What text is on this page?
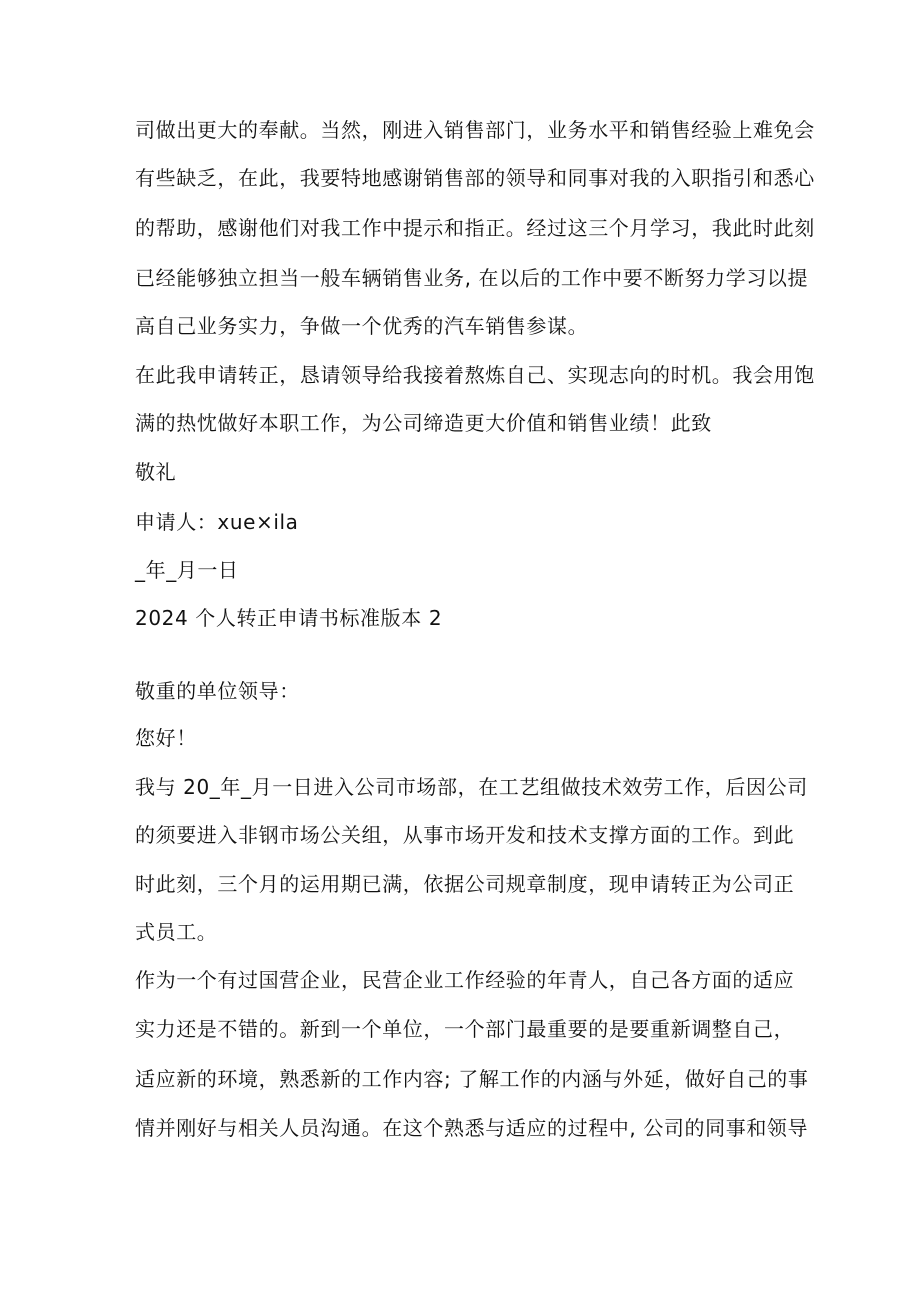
司做出更大的奉献。当然，刚进入销售部门，业务水平和销售经验上难免会

有些缺乏，在此，我要特地感谢销售部的领导和同事对我的入职指引和悉心

的帮助，感谢他们对我工作中提示和指正。经过这三个月学习，我此时此刻

已经能够独立担当一般车辆销售业务, 在以后的工作中要不断努力学习以提

高自己业务实力，争做一个优秀的汽车销售参谋。

在此我申请转正，恳请领导给我接着熬炼自己、实现志向的时机。我会用饱

满的热忱做好本职工作，为公司缔造更大价值和销售业绩！此致

敬礼

申请人：xue×ila

_年_月一日

2024 个人转正申请书标准版本 2

敬重的单位领导：

您好！

我与 20_年_月一日进入公司市场部，在工艺组做技术效劳工作，后因公司

的须要进入非钢市场公关组，从事市场开发和技术支撑方面的工作。到此

时此刻，三个月的运用期已满，依据公司规章制度，现申请转正为公司正

式员工。

作为一个有过国营企业，民营企业工作经验的年青人，自己各方面的适应

实力还是不错的。新到一个单位，一个部门最重要的是要重新调整自己，

适应新的环境，熟悉新的工作内容; 了解工作的内涵与外延，做好自己的事

情并刚好与相关人员沟通。在这个熟悉与适应的过程中, 公司的同事和领导
